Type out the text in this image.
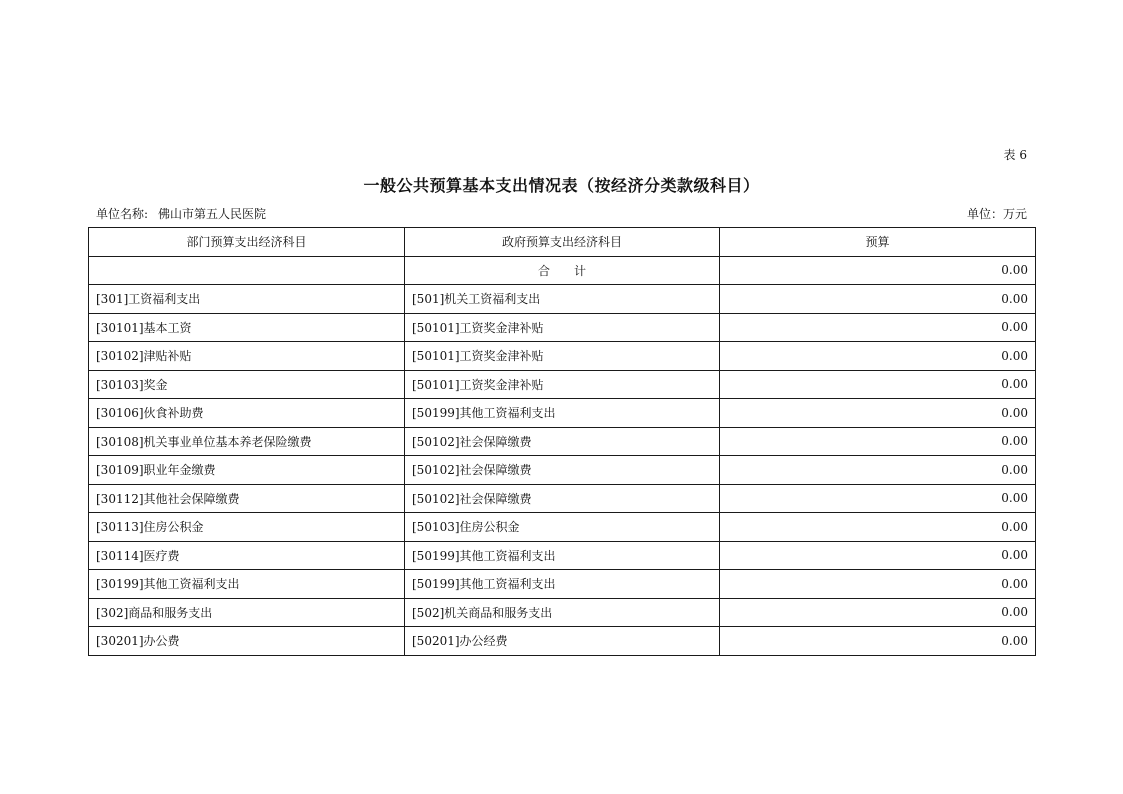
表 6
一般公共预算基本支出情况表（按经济分类款级科目）
单位名称: 佛山市第五人民医院	单位：万元
部门预算支出经济科目	政府预算支出经济科目	预算
	合　　计	0.00
[301]工资福利支出	[501]机关工资福利支出	0.00
[30101]基本工资	[50101]工资奖金津补贴	0.00
[30102]津贴补贴	[50101]工资奖金津补贴	0.00
[30103]奖金	[50101]工资奖金津补贴	0.00
[30106]伙食补助费	[50199]其他工资福利支出	0.00
[30108]机关事业单位基本养老保险缴费	[50102]社会保障缴费	0.00
[30109]职业年金缴费	[50102]社会保障缴费	0.00
[30112]其他社会保障缴费	[50102]社会保障缴费	0.00
[30113]住房公积金	[50103]住房公积金	0.00
[30114]医疗费	[50199]其他工资福利支出	0.00
[30199]其他工资福利支出	[50199]其他工资福利支出	0.00
[302]商品和服务支出	[502]机关商品和服务支出	0.00
[30201]办公费	[50201]办公经费	0.00
